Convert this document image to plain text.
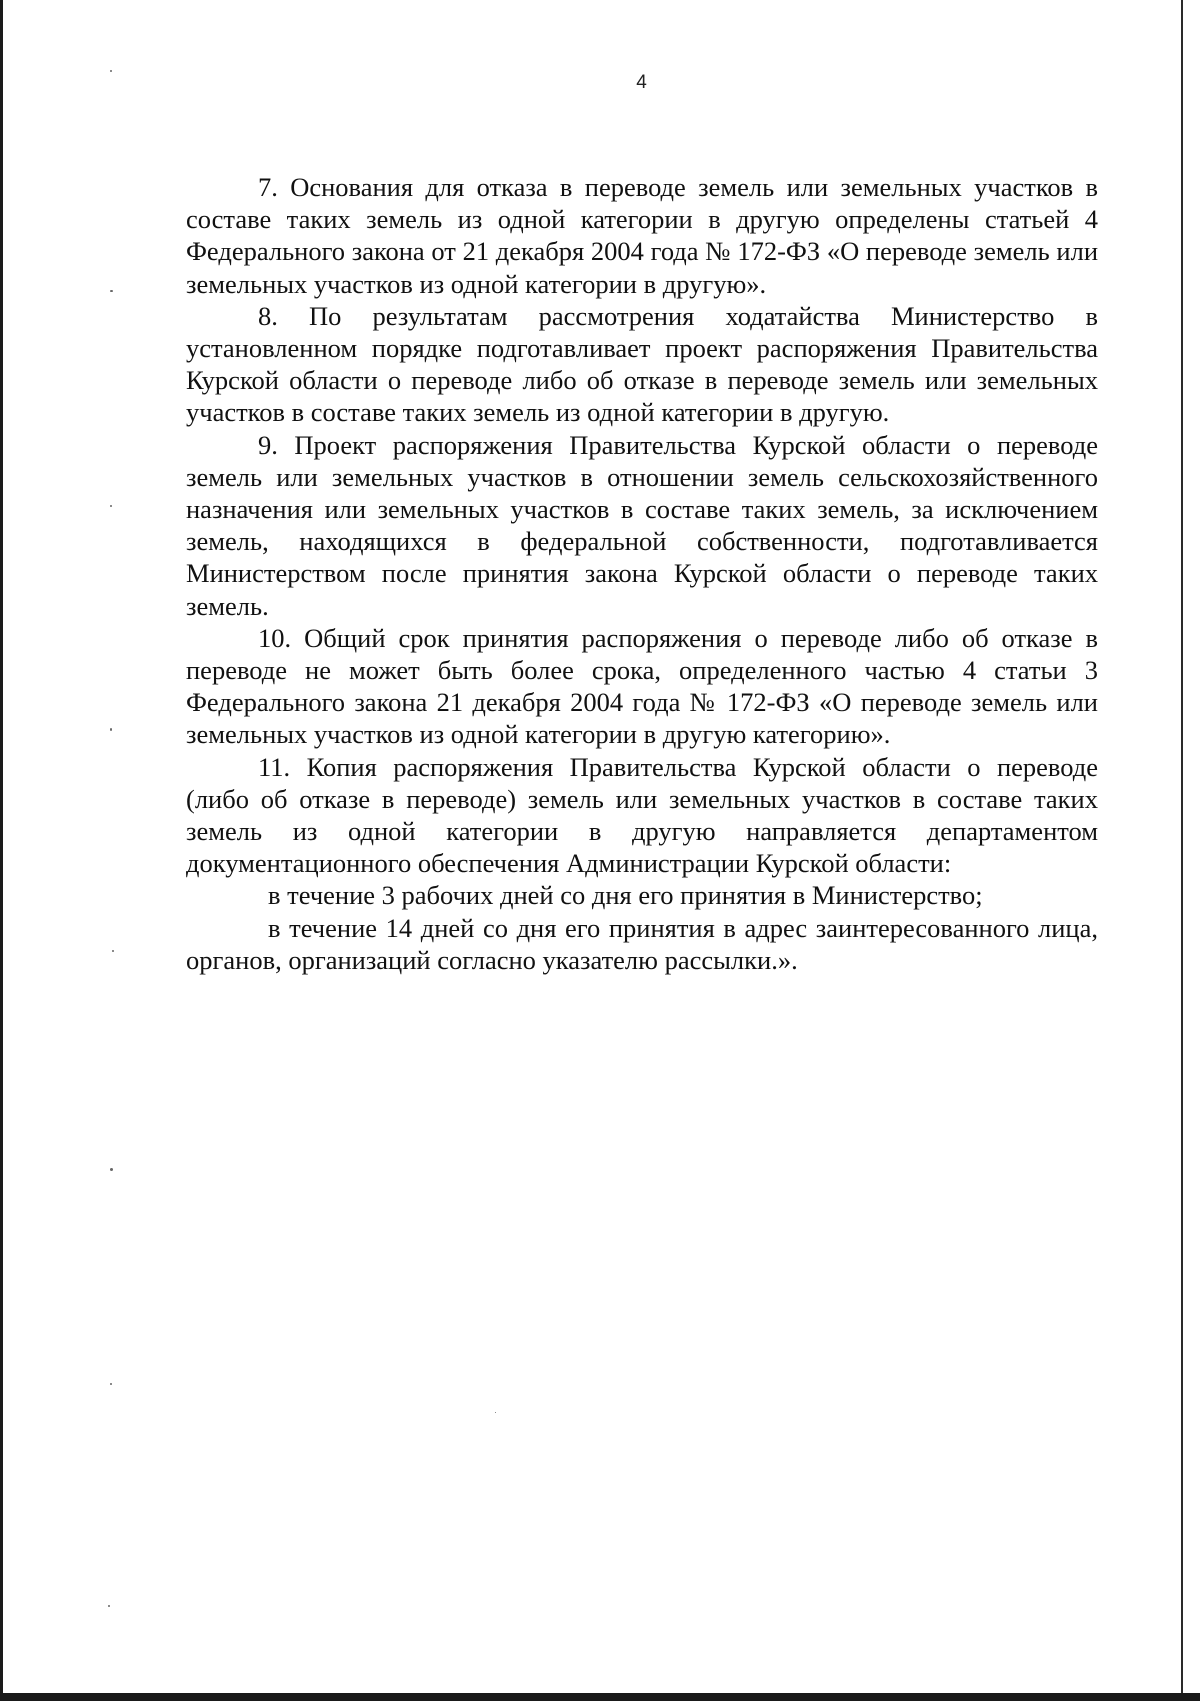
4

7. Основания для отказа в переводе земель или земельных участков в составе таких земель из одной категории в другую определены статьей 4 Федерального закона от 21 декабря 2004 года № 172-ФЗ «О переводе земель или земельных участков из одной категории в другую».

8. По результатам рассмотрения ходатайства Министерство в установленном порядке подготавливает проект распоряжения Правительства Курской области о переводе либо об отказе в переводе земель или земельных участков в составе таких земель из одной категории в другую.

9. Проект распоряжения Правительства Курской области о переводе земель или земельных участков в отношении земель сельскохозяйственного назначения или земельных участков в составе таких земель, за исключением земель, находящихся в федеральной собственности, подготавливается Министерством после принятия закона Курской области о переводе таких земель.

10. Общий срок принятия распоряжения о переводе либо об отказе в переводе не может быть более срока, определенного частью 4 статьи 3 Федерального закона 21 декабря 2004 года № 172-ФЗ «О переводе земель или земельных участков из одной категории в другую категорию».

11. Копия распоряжения Правительства Курской области о переводе (либо об отказе в переводе) земель или земельных участков в составе таких земель из одной категории в другую направляется департаментом документационного обеспечения Администрации Курской области:

в течение 3 рабочих дней со дня его принятия в Министерство;

в течение 14 дней со дня его принятия в адрес заинтересованного лица, органов, организаций согласно указателю рассылки.».
